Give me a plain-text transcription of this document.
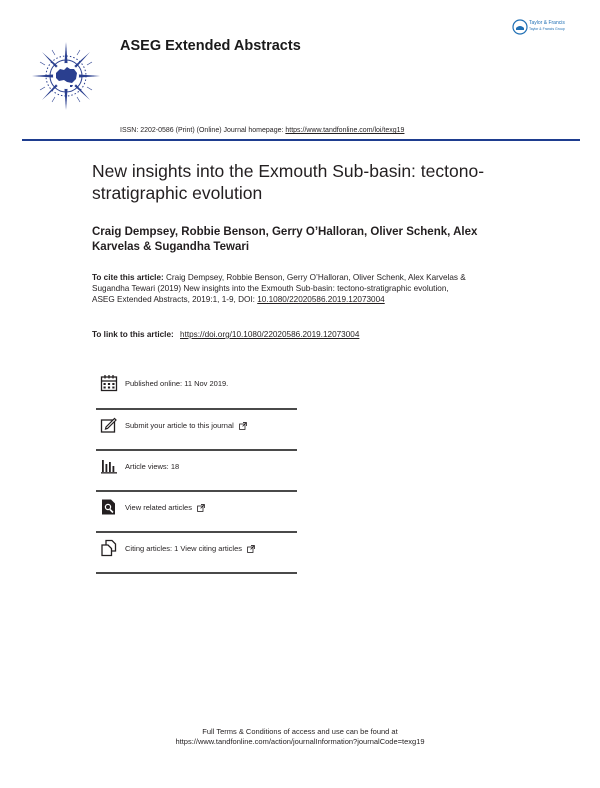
ASEG Extended Abstracts
Taylor & Francis
Taylor & Francis Group
ISSN: 2202-0586 (Print) (Online) Journal homepage: https://www.tandfonline.com/loi/texg19
New insights into the Exmouth Sub-basin: tectono-stratigraphic evolution
Craig Dempsey, Robbie Benson, Gerry O’Halloran, Oliver Schenk, Alex Karvelas & Sugandha Tewari
To cite this article: Craig Dempsey, Robbie Benson, Gerry O’Halloran, Oliver Schenk, Alex Karvelas & Sugandha Tewari (2019) New insights into the Exmouth Sub-basin: tectono-stratigraphic evolution, ASEG Extended Abstracts, 2019:1, 1-9, DOI: 10.1080/22020586.2019.12073004
To link to this article: https://doi.org/10.1080/22020586.2019.12073004
Published online: 11 Nov 2019.
Submit your article to this journal
Article views: 18
View related articles
Citing articles: 1 View citing articles
Full Terms & Conditions of access and use can be found at
https://www.tandfonline.com/action/journalInformation?journalCode=texg19
